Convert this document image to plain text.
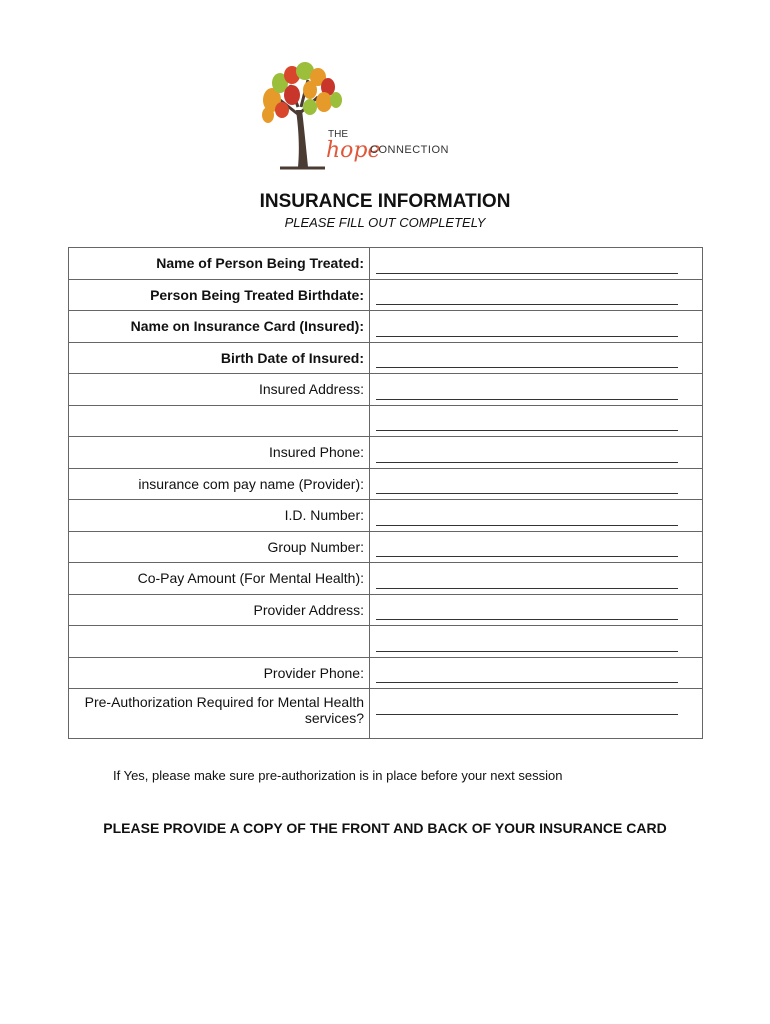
THE
hope
CONNECTION
INSURANCE INFORMATION
PLEASE FILL OUT COMPLETELY
Name of Person Being Treated:	

Person Being Treated Birthdate:	

Name on Insurance Card (Insured):	

Birth Date of Insured:	

Insured Address:	

Insured Phone:	

insurance com pay name (Provider):	

I.D. Number:	

Group Number:	

Co-Pay Amount (For Mental Health):	

Provider Address:	

Provider Phone:	

Pre-Authorization Required for Mental Health services?	
If Yes, please make sure pre-authorization is in place before your next session
PLEASE PROVIDE A COPY OF THE FRONT AND BACK OF YOUR INSURANCE CARD
